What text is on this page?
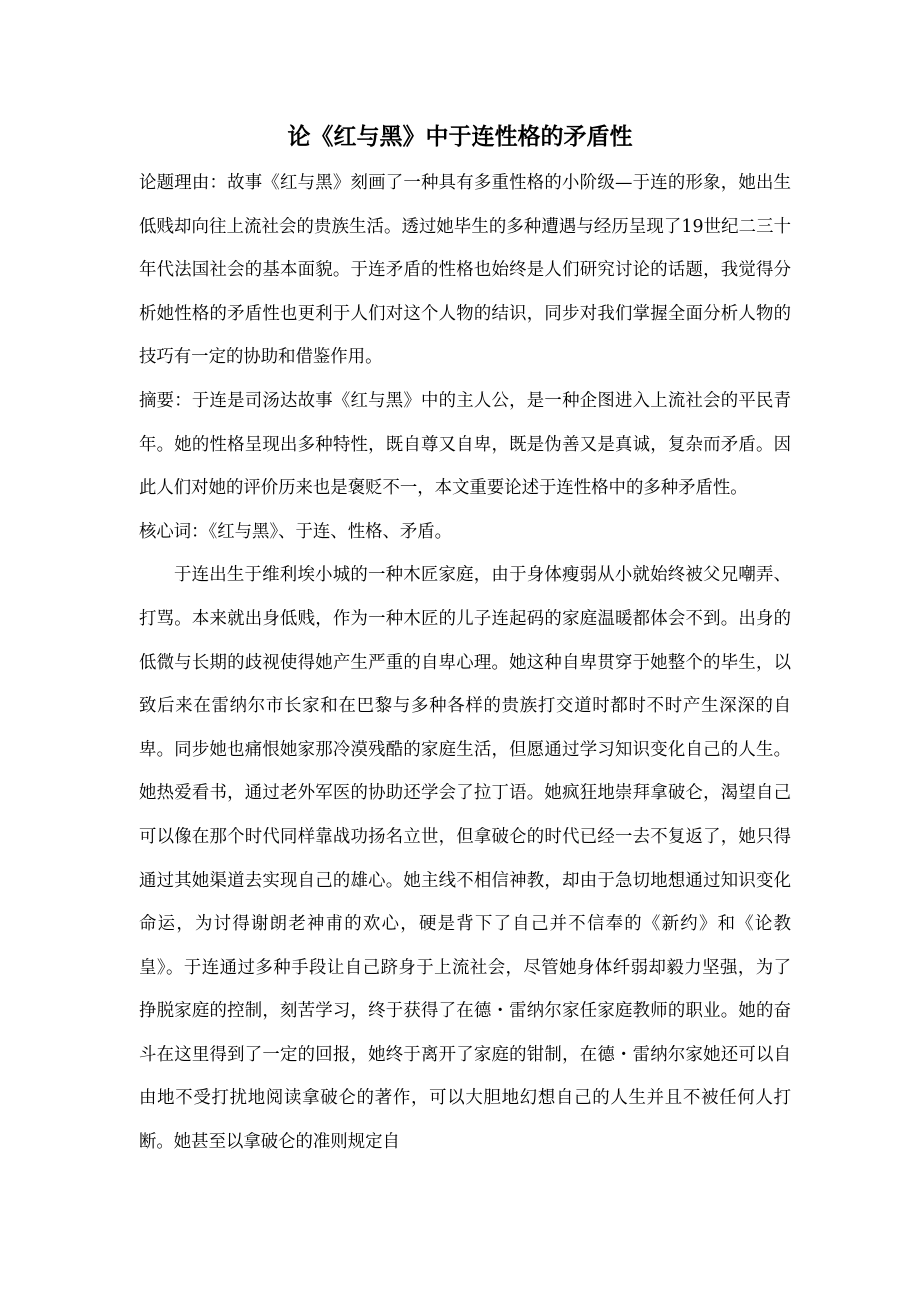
论《红与黑》中于连性格的矛盾性

论题理由：故事《红与黑》刻画了一种具有多重性格的小阶级—于连的形象，她出生低贱却向往上流社会的贵族生活。透过她毕生的多种遭遇与经历呈现了19世纪二三十年代法国社会的基本面貌。于连矛盾的性格也始终是人们研究讨论的话题，我觉得分析她性格的矛盾性也更利于人们对这个人物的结识，同步对我们掌握全面分析人物的技巧有一定的协助和借鉴作用。

摘要：于连是司汤达故事《红与黑》中的主人公，是一种企图进入上流社会的平民青年。她的性格呈现出多种特性，既自尊又自卑，既是伪善又是真诚，复杂而矛盾。因此人们对她的评价历来也是褒贬不一，本文重要论述于连性格中的多种矛盾性。

核心词：《红与黑》、于连、性格、矛盾。

于连出生于维利埃小城的一种木匠家庭，由于身体瘦弱从小就始终被父兄嘲弄、打骂。本来就出身低贱，作为一种木匠的儿子连起码的家庭温暖都体会不到。出身的低微与长期的歧视使得她产生严重的自卑心理。她这种自卑贯穿于她整个的毕生，以致后来在雷纳尔市长家和在巴黎与多种各样的贵族打交道时都时不时产生深深的自卑。同步她也痛恨她家那冷漠残酷的家庭生活，但愿通过学习知识变化自己的人生。她热爱看书，通过老外军医的协助还学会了拉丁语。她疯狂地崇拜拿破仑，渴望自己可以像在那个时代同样靠战功扬名立世，但拿破仑的时代已经一去不复返了，她只得通过其她渠道去实现自己的雄心。她主线不相信神教，却由于急切地想通过知识变化命运，为讨得谢朗老神甫的欢心，硬是背下了自己并不信奉的《新约》和《论教皇》。于连通过多种手段让自己跻身于上流社会，尽管她身体纤弱却毅力坚强，为了挣脱家庭的控制，刻苦学习，终于获得了在德・雷纳尔家任家庭教师的职业。她的奋斗在这里得到了一定的回报，她终于离开了家庭的钳制，在德・雷纳尔家她还可以自由地不受打扰地阅读拿破仑的著作，可以大胆地幻想自己的人生并且不被任何人打断。她甚至以拿破仑的准则规定自
